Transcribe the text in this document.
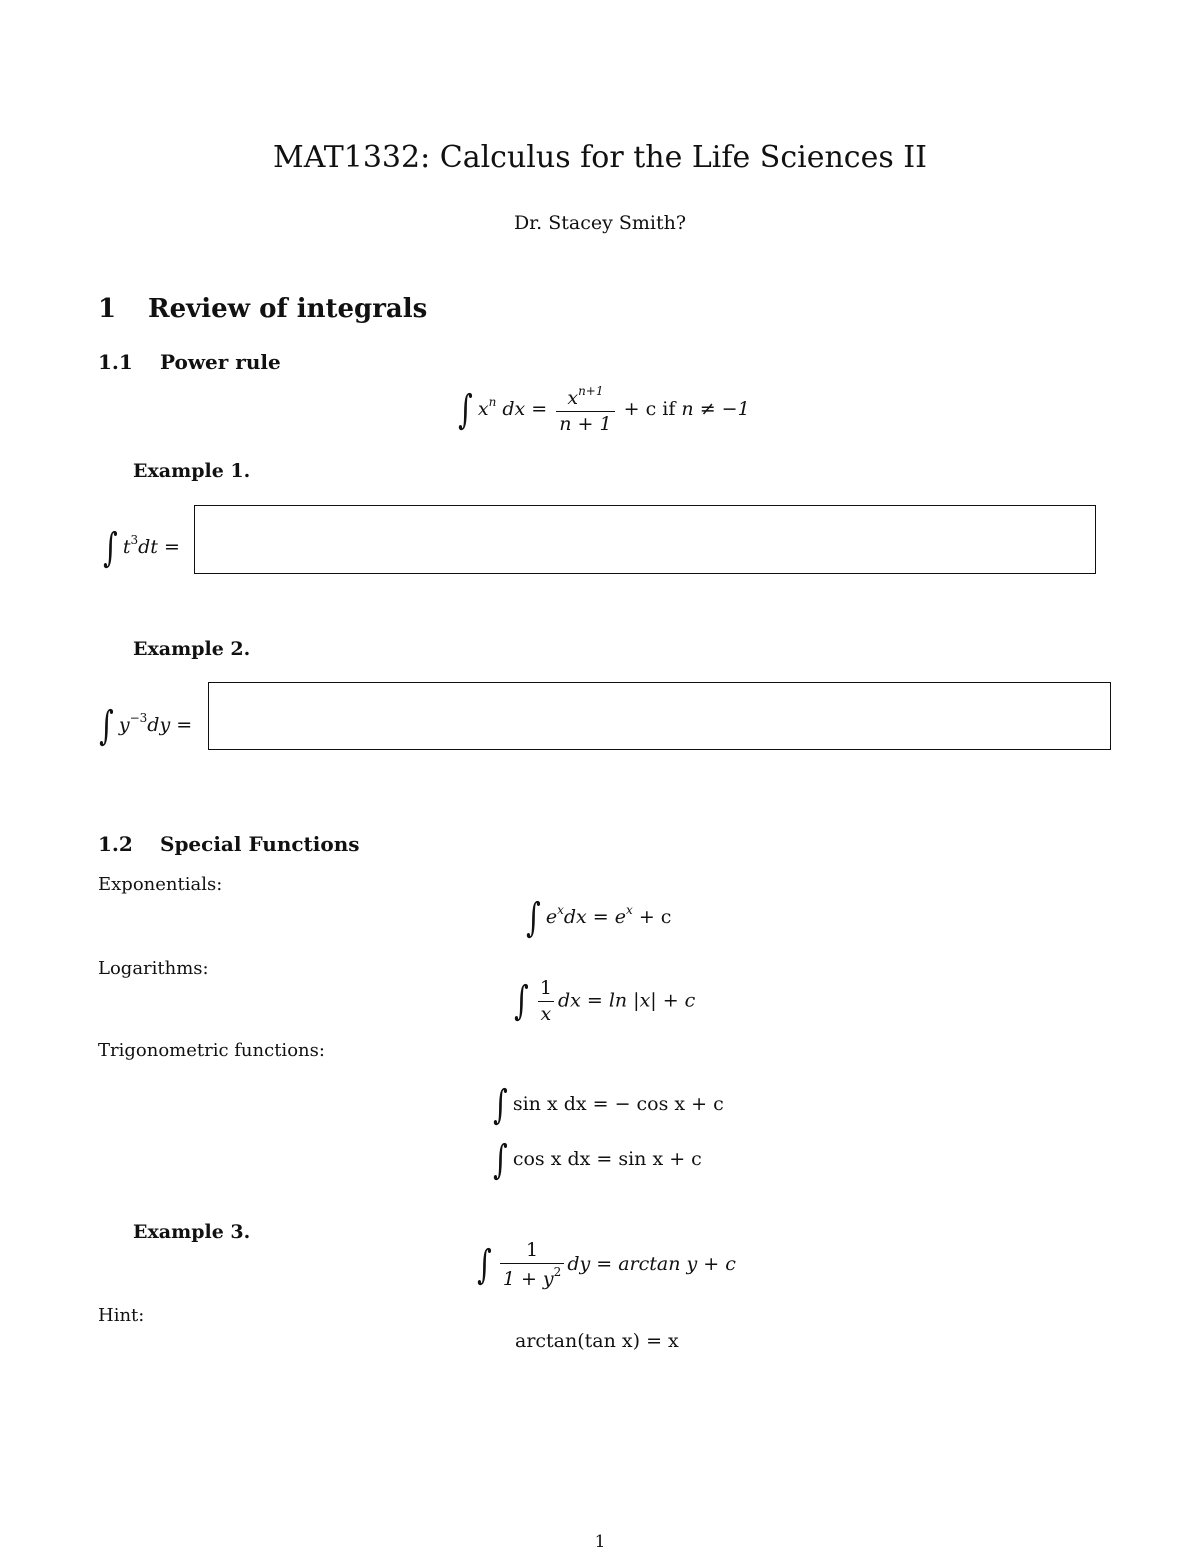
MAT1332: Calculus for the Life Sciences II
Dr. Stacey Smith?
1 Review of integrals
1.1 Power rule
∫ $x^n$ dx = $\frac{x^{n+1}}{n + 1} + c$ if n ≠ −1
Example 1.
∫ $t^3dt$ =
Example 2.
∫ $y^{-3}dy$ =
1.2 Special Functions
Exponentials:
∫ $e^xdx = e^x + c$
Logarithms:
∫ $\frac{1}{x}$ dx = ln |x| + c
Trigonometric functions:
∫ sin x dx = − cos x + c
∫ cos x dx = sin x + c
Example 3.
∫ $\frac{1}{1 + y^2}$ dy = arctan y + c
Hint:
arctan(tan x) = x
1
